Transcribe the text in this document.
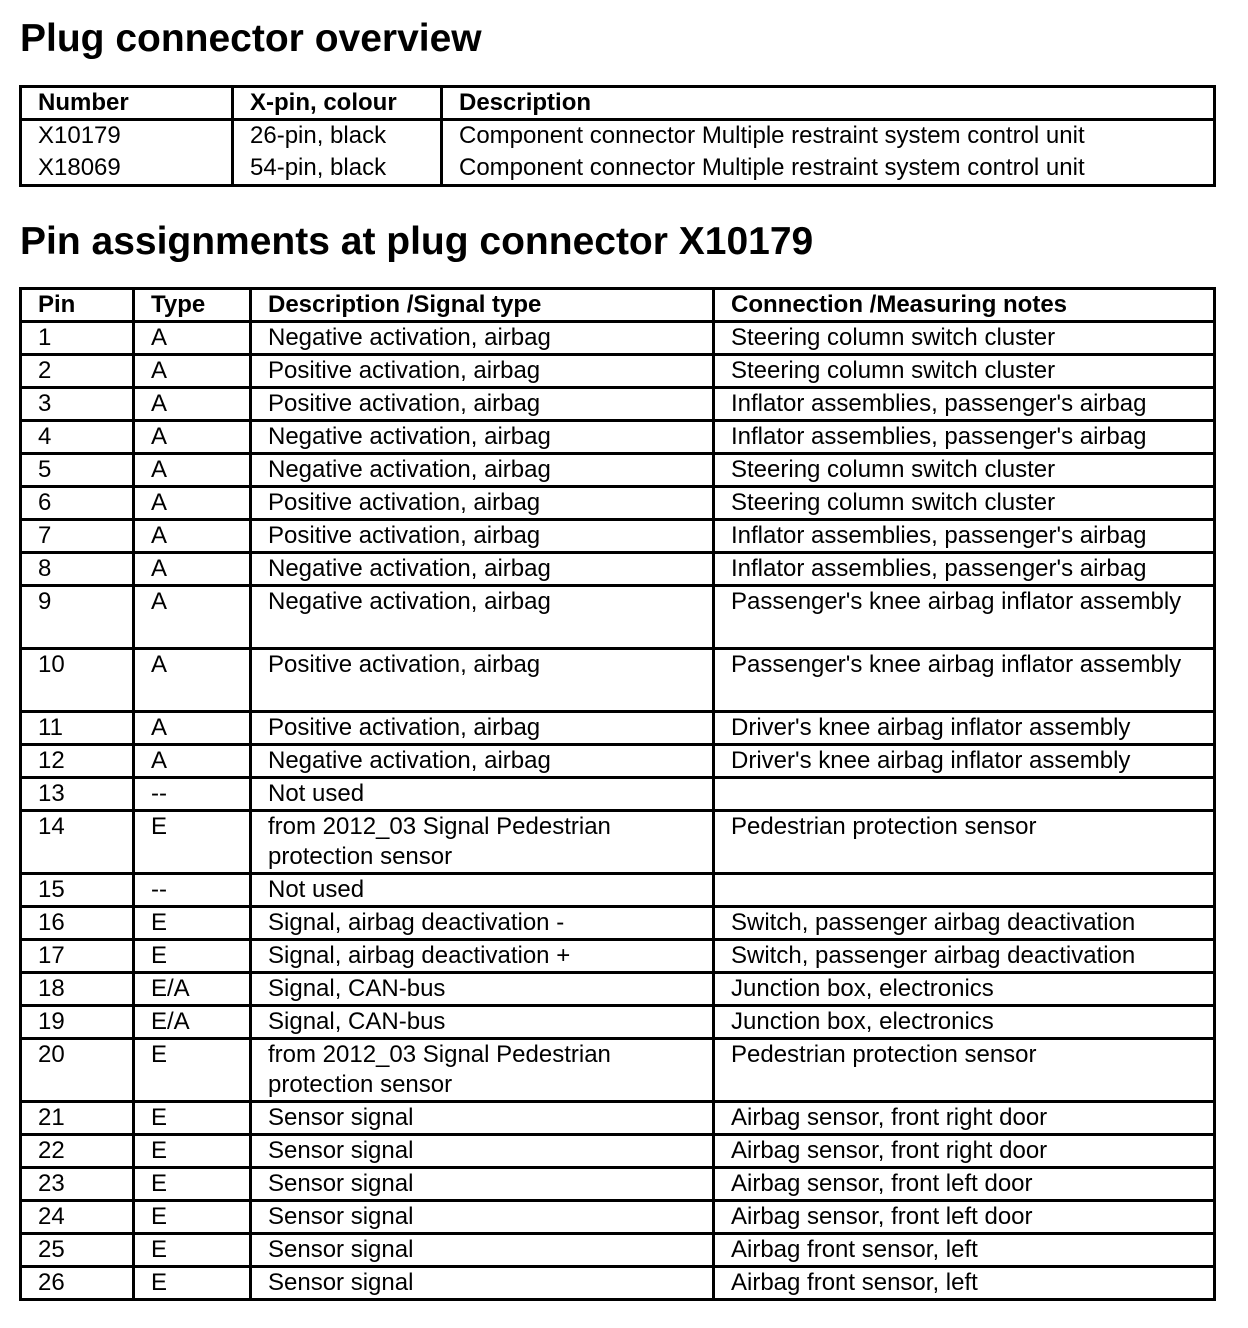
Plug connector overview
Number	X-pin, colour	Description
X10179	26-pin, black	Component connector Multiple restraint system control unit
X18069	54-pin, black	Component connector Multiple restraint system control unit
Pin assignments at plug connector X10179
Pin	Type	Description /Signal type	Connection /Measuring notes
1	A	Negative activation, airbag	Steering column switch cluster
2	A	Positive activation, airbag	Steering column switch cluster
3	A	Positive activation, airbag	Inflator assemblies, passenger's airbag
4	A	Negative activation, airbag	Inflator assemblies, passenger's airbag
5	A	Negative activation, airbag	Steering column switch cluster
6	A	Positive activation, airbag	Steering column switch cluster
7	A	Positive activation, airbag	Inflator assemblies, passenger's airbag
8	A	Negative activation, airbag	Inflator assemblies, passenger's airbag
9	A	Negative activation, airbag	Passenger's knee airbag inflator assembly
10	A	Positive activation, airbag	Passenger's knee airbag inflator assembly
11	A	Positive activation, airbag	Driver's knee airbag inflator assembly
12	A	Negative activation, airbag	Driver's knee airbag inflator assembly
13	--	Not used	
14	E	from 2012_03 Signal Pedestrian protection sensor	Pedestrian protection sensor
15	--	Not used	
16	E	Signal, airbag deactivation -	Switch, passenger airbag deactivation
17	E	Signal, airbag deactivation +	Switch, passenger airbag deactivation
18	E/A	Signal, CAN-bus	Junction box, electronics
19	E/A	Signal, CAN-bus	Junction box, electronics
20	E	from 2012_03 Signal Pedestrian protection sensor	Pedestrian protection sensor
21	E	Sensor signal	Airbag sensor, front right door
22	E	Sensor signal	Airbag sensor, front right door
23	E	Sensor signal	Airbag sensor, front left door
24	E	Sensor signal	Airbag sensor, front left door
25	E	Sensor signal	Airbag front sensor, left
26	E	Sensor signal	Airbag front sensor, left
